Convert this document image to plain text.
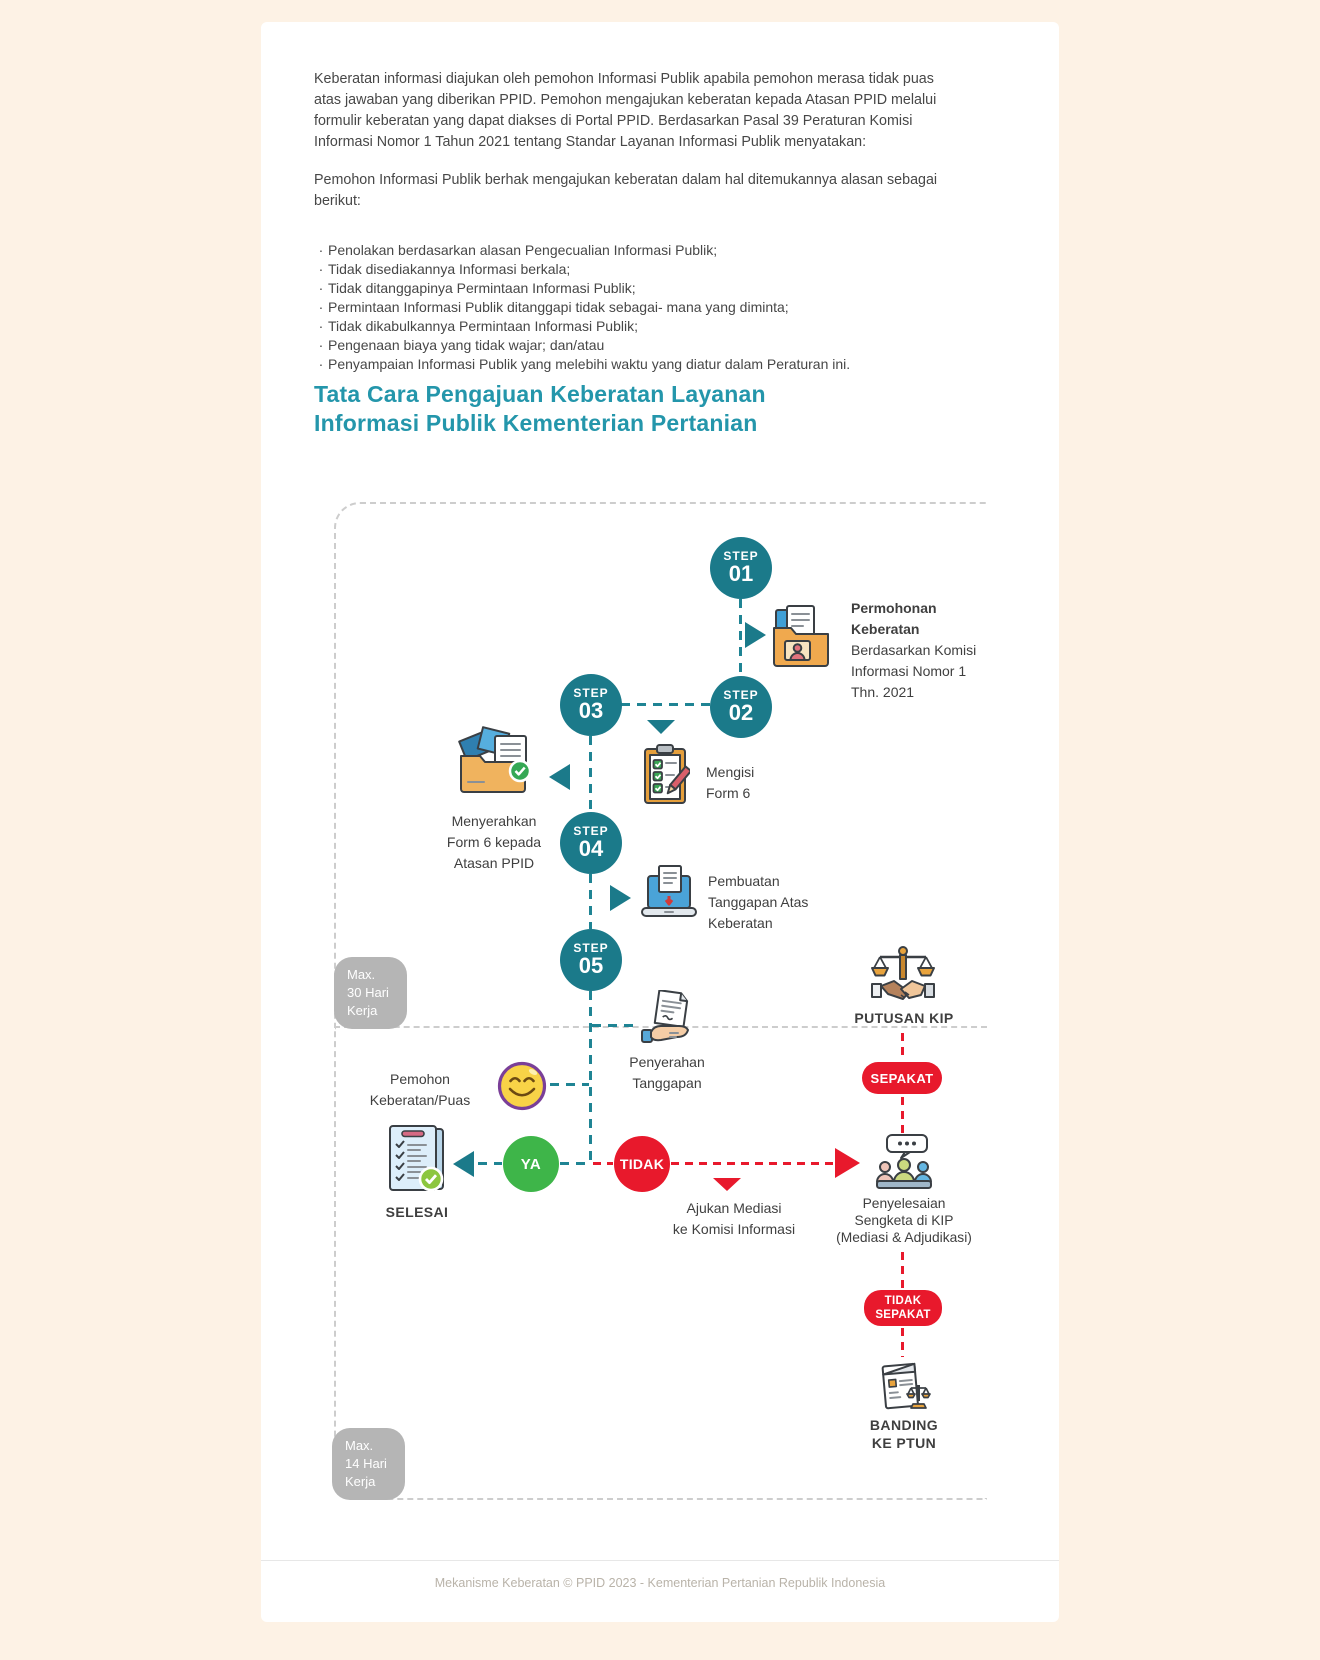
Keberatan informasi diajukan oleh pemohon Informasi Publik apabila pemohon merasa tidak puas atas jawaban yang diberikan PPID. Pemohon mengajukan keberatan kepada Atasan PPID melalui formulir keberatan yang dapat diakses di Portal PPID. Berdasarkan Pasal 39 Peraturan Komisi Informasi Nomor 1 Tahun 2021 tentang Standar Layanan Informasi Publik menyatakan:

Pemohon Informasi Publik berhak mengajukan keberatan dalam hal ditemukannya alasan sebagai berikut:

· Penolakan berdasarkan alasan Pengecualian Informasi Publik;
· Tidak disediakannya Informasi berkala;
· Tidak ditanggapinya Permintaan Informasi Publik;
· Permintaan Informasi Publik ditanggapi tidak sebagai- mana yang diminta;
· Tidak dikabulkannya Permintaan Informasi Publik;
· Pengenaan biaya yang tidak wajar; dan/atau
· Penyampaian Informasi Publik yang melebihi waktu yang diatur dalam Peraturan ini.
Tata Cara Pengajuan Keberatan Layanan
Informasi Publik Kementerian Pertanian
STEP
01
STEP
02
STEP
03
STEP
04
STEP
05
Permohonan
Keberatan
Berdasarkan Komisi
Informasi Nomor 1
Thn. 2021
Mengisi
Form 6
Menyerahkan
Form 6 kepada
Atasan PPID
Pembuatan
Tanggapan Atas
Keberatan
Penyerahan
Tanggapan
Pemohon
Keberatan/Puas
SELESAI
YA	TIDAK
Ajukan Mediasi
ke Komisi Informasi
PUTUSAN KIP
SEPAKAT
Penyelesaian
Sengketa di KIP
(Mediasi & Adjudikasi)
TIDAK
SEPAKAT
BANDING
KE PTUN
Max.
30 Hari
Kerja
Max.
14 Hari
Kerja
Mekanisme Keberatan © PPID 2023 - Kementerian Pertanian Republik Indonesia
